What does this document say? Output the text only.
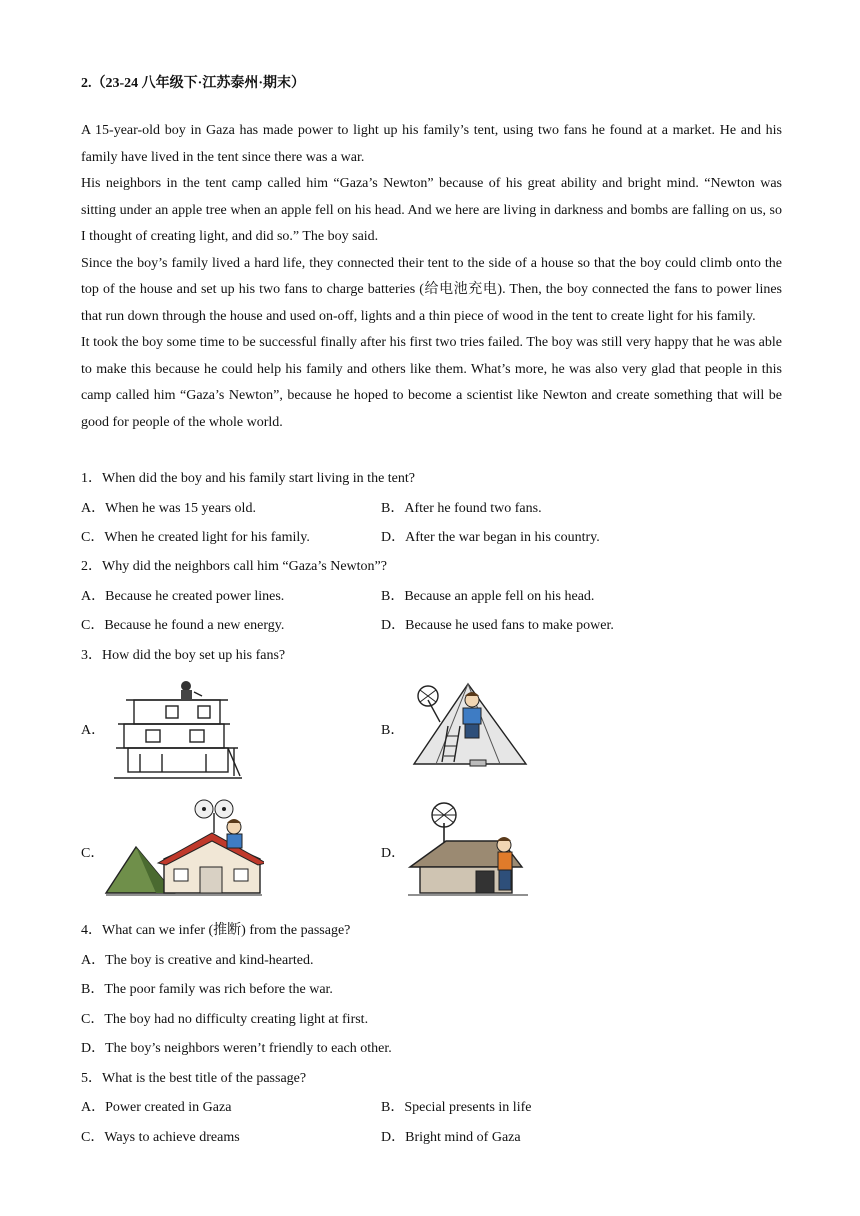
2.（23-24 八年级下·江苏泰州·期末）

A 15-year-old boy in Gaza has made power to light up his family’s tent, using two fans he found at a market. He and his family have lived in the tent since there was a war.

His neighbors in the tent camp called him “Gaza’s Newton” because of his great ability and bright mind. “Newton was sitting under an apple tree when an apple fell on his head. And we here are living in darkness and bombs are falling on us, so I thought of creating light, and did so.” The boy said.

Since the boy’s family lived a hard life, they connected their tent to the side of a house so that the boy could climb onto the top of the house and set up his two fans to charge batteries (给电池充电). Then, the boy connected the fans to power lines that run down through the house and used on-off, lights and a thin piece of wood in the tent to create light for his family.

It took the boy some time to be successful finally after his first two tries failed. The boy was still very happy that he was able to make this because he could help his family and others like them. What’s more, he was also very glad that people in this camp called him “Gaza’s Newton”, because he hoped to become a scientist like Newton and create something that will be good for people of the whole world.

1．When did the boy and his family start living in the tent?
A．When he was 15 years old.	B．After he found two fans.
C．When he created light for his family.	D．After the war began in his country.
2．Why did the neighbors call him “Gaza’s Newton”?
A．Because he created power lines.	B．Because an apple fell on his head.
C．Because he found a new energy.	D．Because he used fans to make power.
3．How did the boy set up his fans?
A．	B．
C．	D．
4．What can we infer (推断) from the passage?
A．The boy is creative and kind-hearted.
B．The poor family was rich before the war.
C．The boy had no difficulty creating light at first.
D．The boy’s neighbors weren’t friendly to each other.
5．What is the best title of the passage?
A．Power created in Gaza	B．Special presents in life
C．Ways to achieve dreams	D．Bright mind of Gaza
